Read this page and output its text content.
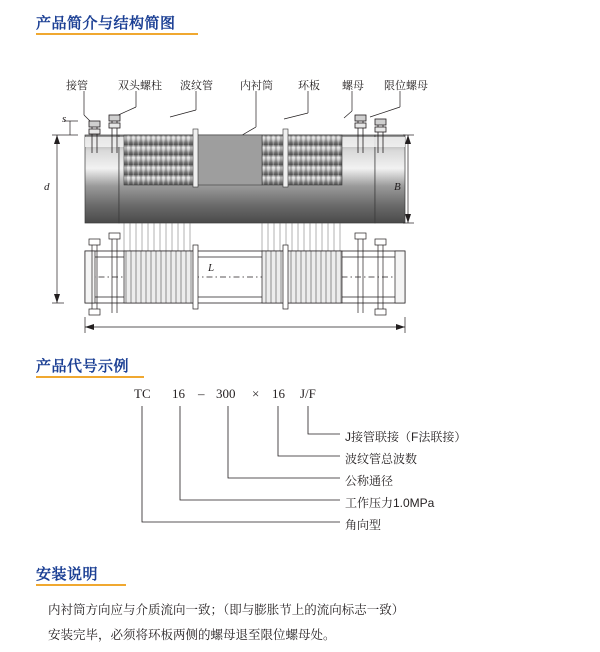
产品简介与结构简图
接管	双头螺柱 波纹管 内衬筒 环板 螺母 限位螺母
s
d	B
L
产品代号示例
TC 16 – 300 × 16 J/F
J接管联接（F法联接）
波纹管总波数
公称通径
工作压力1.0MPa
角向型
安装说明

内衬筒方向应与介质流向一致；（即与膨胀节上的流向标志一致）

安装完毕，必须将环板两侧的螺母退至限位螺母处。
